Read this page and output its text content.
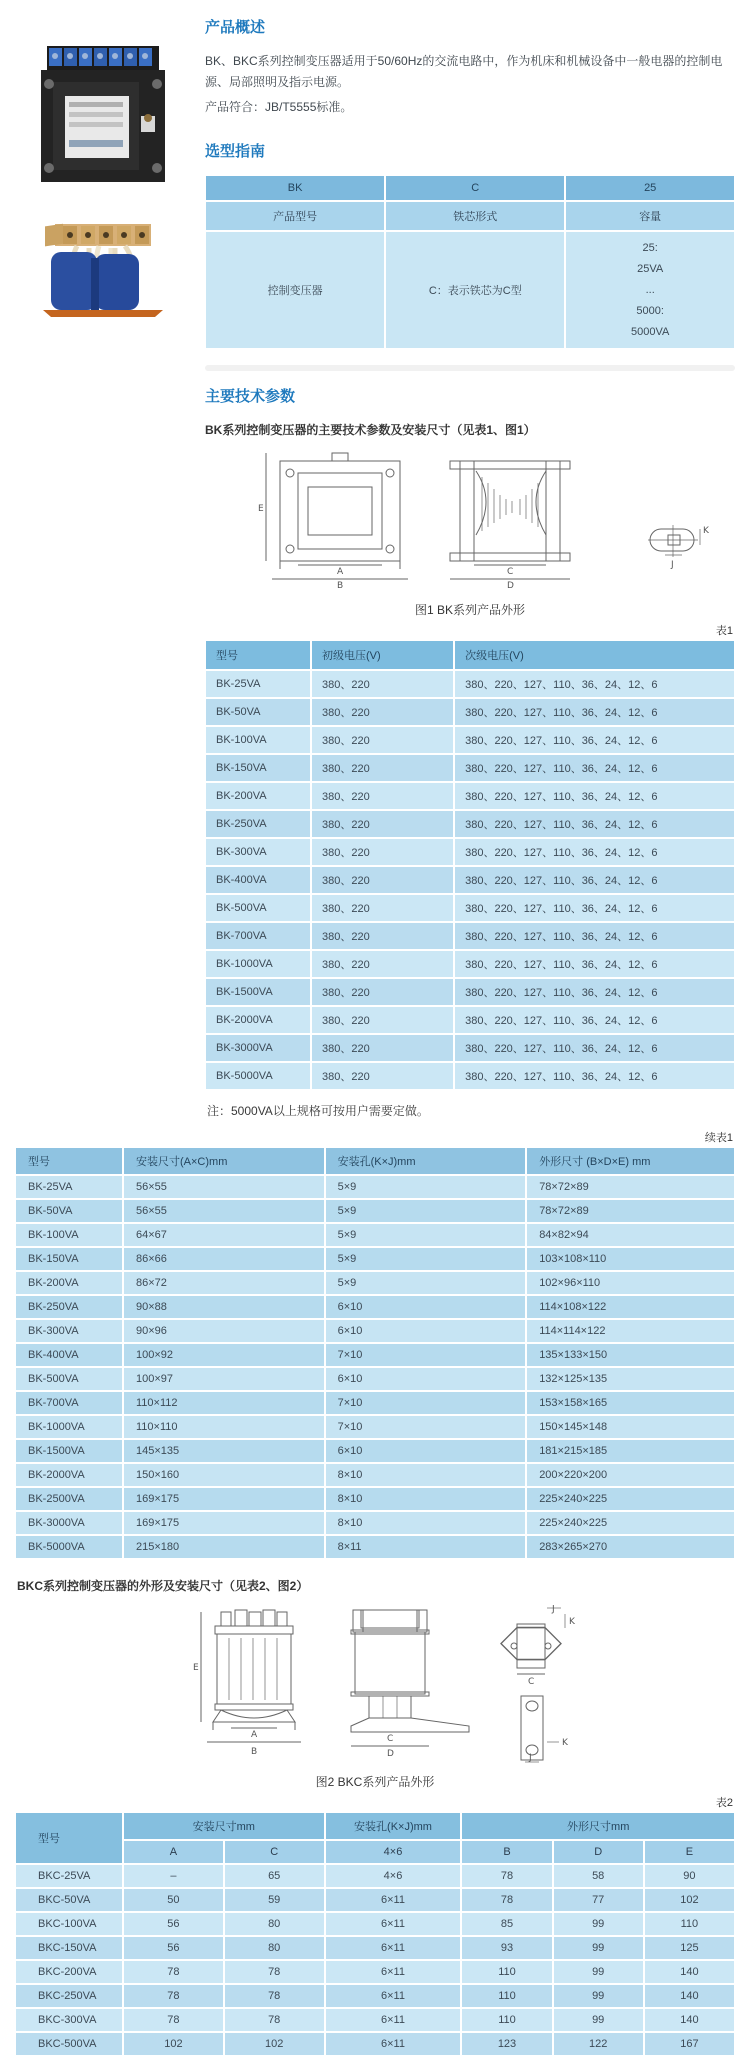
产品概述

BK、BKC系列控制变压器适用于50/60Hz的交流电路中，作为机床和机械设备中一般电器的控制电源、局部照明及指示电源。

产品符合：JB/T5555标准。

选型指南
BK	C	25
产品型号	铁芯形式	容量
控制变压器	C：表示铁芯为C型	25:
25VA
...
5000:
5000VA
主要技术参数

BK系列控制变压器的主要技术参数及安装尺寸（见表1、图1）

E
A
B
C
D
K
J
图1 BK系列产品外形
表1
型号	初级电压(V)	次级电压(V)
BK-25VA	380、220	380、220、127、110、36、24、12、6
BK-50VA	380、220	380、220、127、110、36、24、12、6
BK-100VA	380、220	380、220、127、110、36、24、12、6
BK-150VA	380、220	380、220、127、110、36、24、12、6
BK-200VA	380、220	380、220、127、110、36、24、12、6
BK-250VA	380、220	380、220、127、110、36、24、12、6
BK-300VA	380、220	380、220、127、110、36、24、12、6
BK-400VA	380、220	380、220、127、110、36、24、12、6
BK-500VA	380、220	380、220、127、110、36、24、12、6
BK-700VA	380、220	380、220、127、110、36、24、12、6
BK-1000VA	380、220	380、220、127、110、36、24、12、6
BK-1500VA	380、220	380、220、127、110、36、24、12、6
BK-2000VA	380、220	380、220、127、110、36、24、12、6
BK-3000VA	380、220	380、220、127、110、36、24、12、6
BK-5000VA	380、220	380、220、127、110、36、24、12、6

注：5000VA以上规格可按用户需要定做。

续表1
型号	安装尺寸(A×C)mm	安装孔(K×J)mm	外形尺寸 (B×D×E) mm
BK-25VA	56×55	5×9	78×72×89
BK-50VA	56×55	5×9	78×72×89
BK-100VA	64×67	5×9	84×82×94
BK-150VA	86×66	5×9	103×108×110
BK-200VA	86×72	5×9	102×96×110
BK-250VA	90×88	6×10	114×108×122
BK-300VA	90×96	6×10	114×114×122
BK-400VA	100×92	7×10	135×133×150
BK-500VA	100×97	6×10	132×125×135
BK-700VA	110×112	7×10	153×158×165
BK-1000VA	110×110	7×10	150×145×148
BK-1500VA	145×135	6×10	181×215×185
BK-2000VA	150×160	8×10	200×220×200
BK-2500VA	169×175	8×10	225×240×225
BK-3000VA	169×175	8×10	225×240×225
BK-5000VA	215×180	8×11	283×265×270

BKC系列控制变压器的外形及安装尺寸（见表2、图2）

E
A
B
C
D
J
K
C
K
J
图2 BKC系列产品外形
表2
型号	安装尺寸mm		安装孔(K×J)mm	外形尺寸mm		
	A	C	4×6	B	D	E
BKC-25VA	–	65	4×6	78	58	90
BKC-50VA	50	59	6×11	78	77	102
BKC-100VA	56	80	6×11	85	99	110
BKC-150VA	56	80	6×11	93	99	125
BKC-200VA	78	78	6×11	110	99	140
BKC-250VA	78	78	6×11	110	99	140
BKC-300VA	78	78	6×11	110	99	140
BKC-500VA	102	102	6×11	123	122	167
